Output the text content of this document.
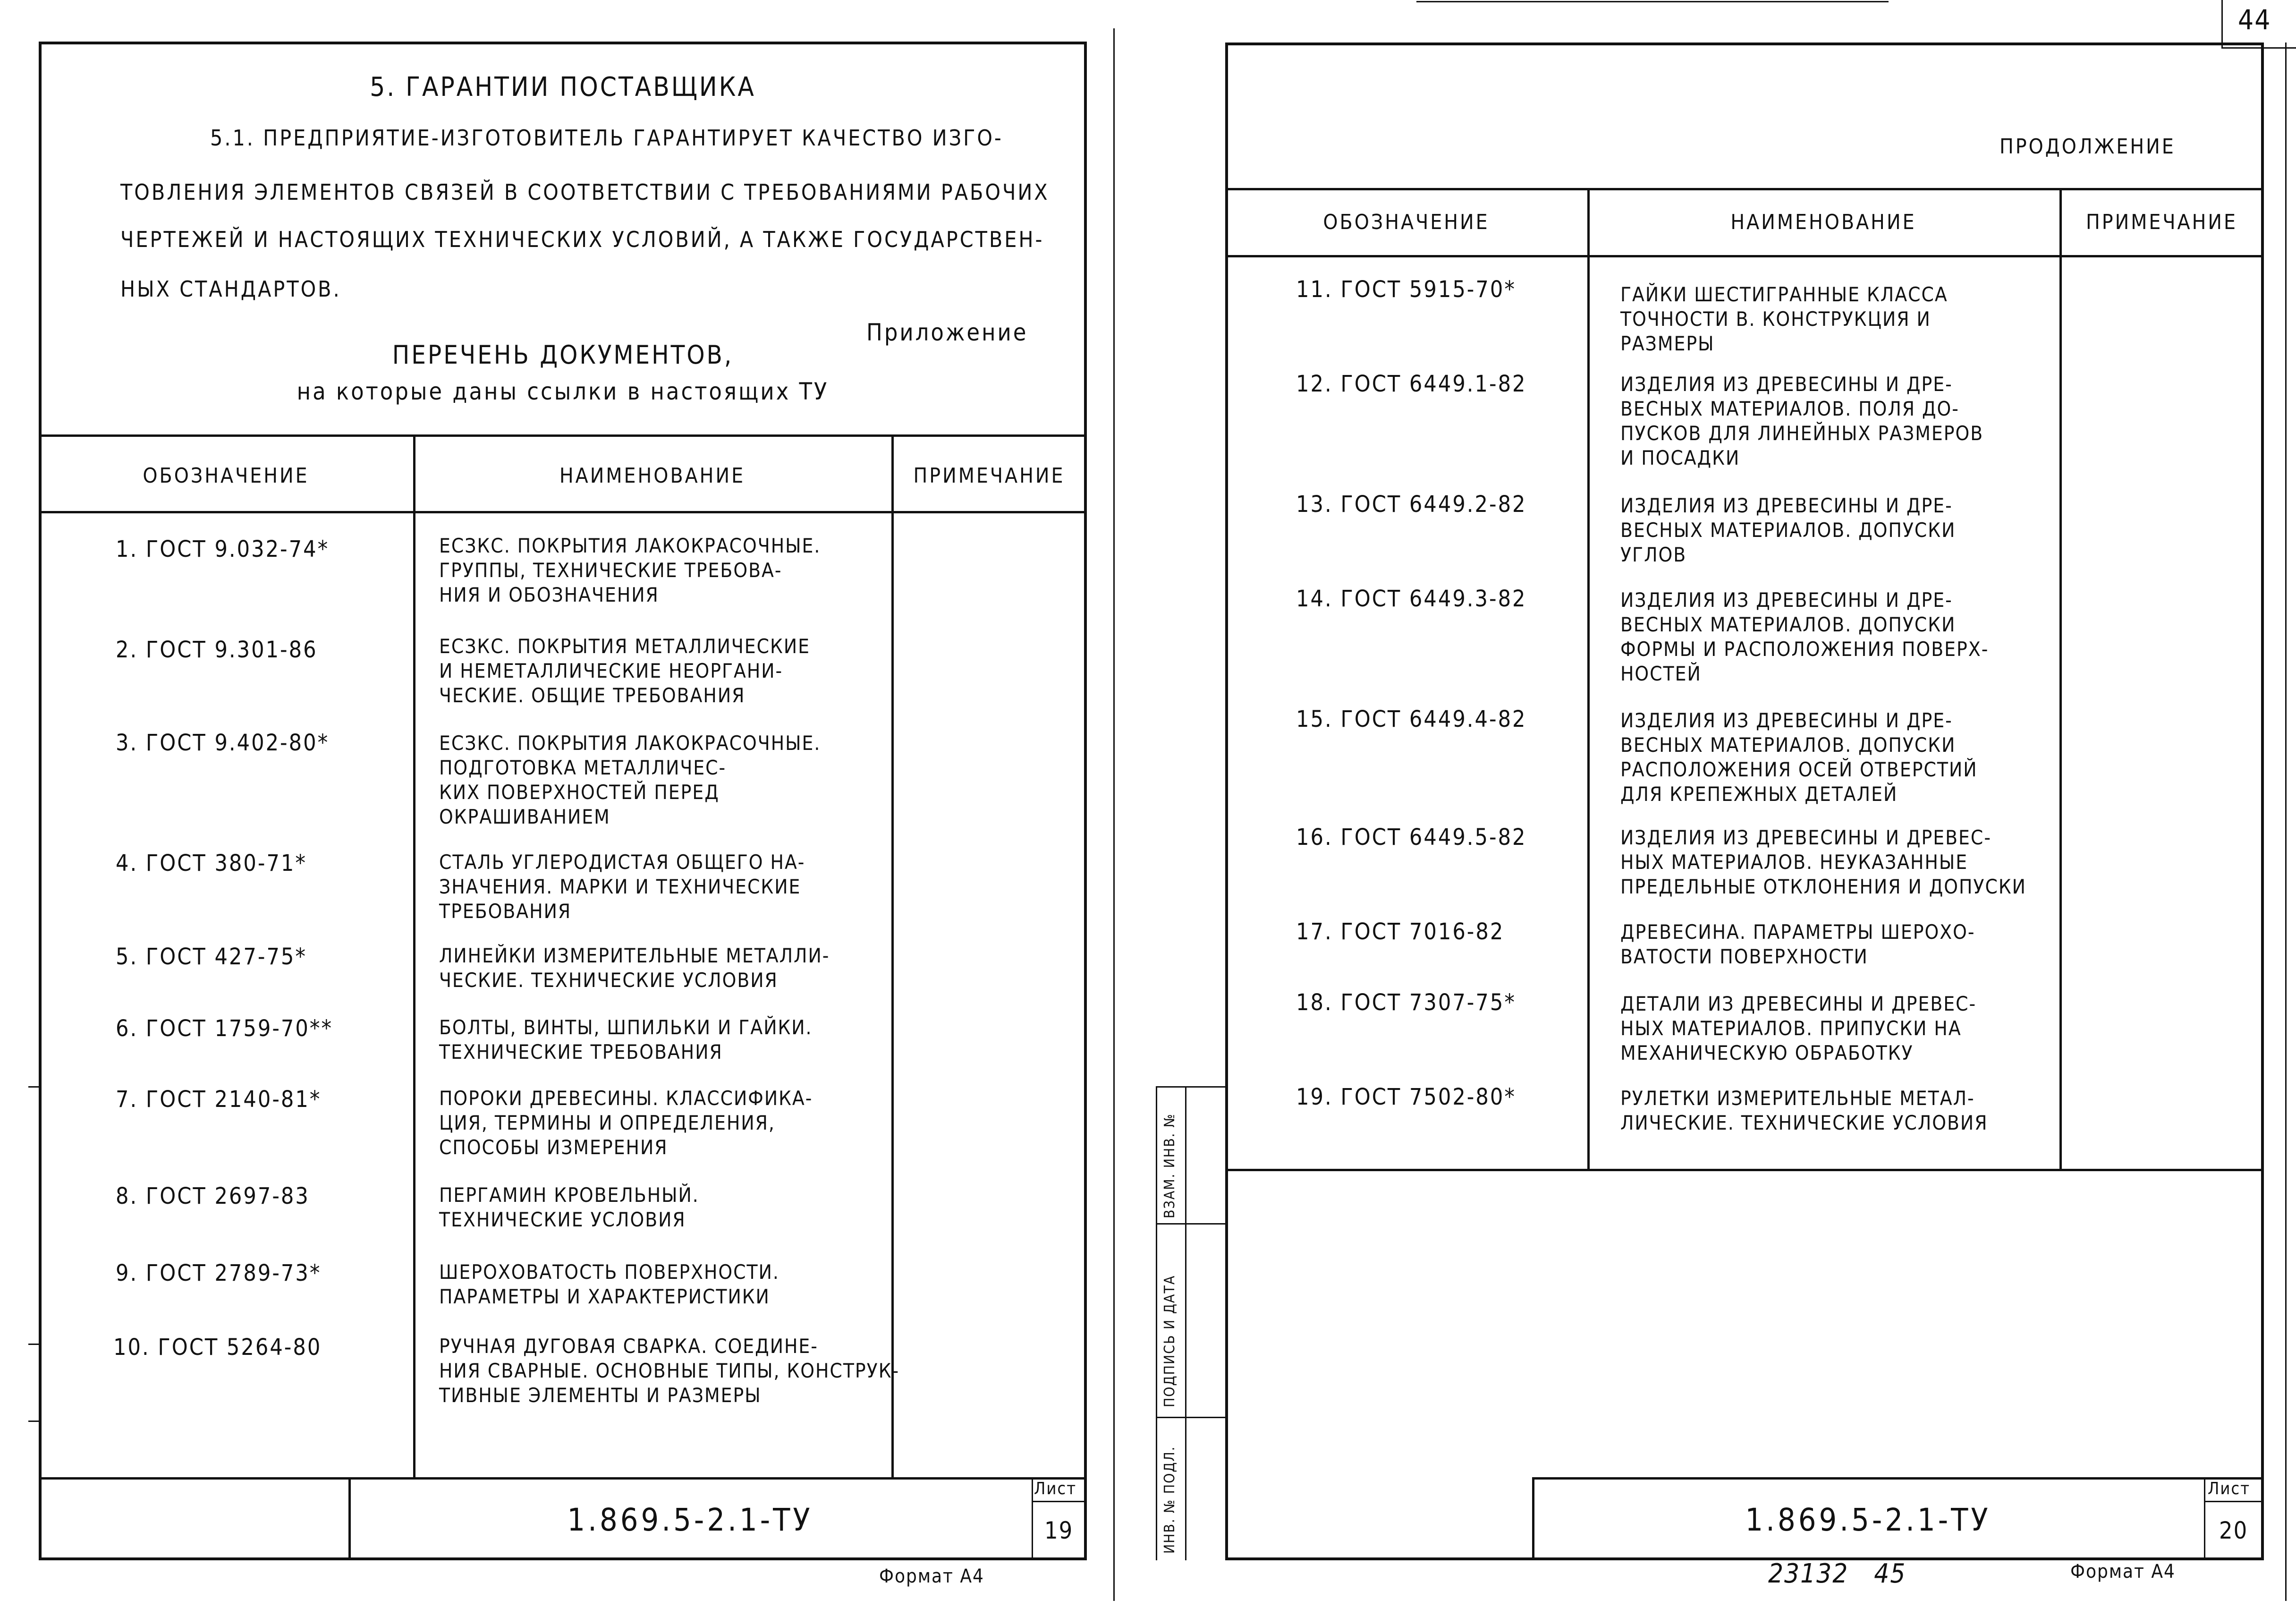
5. ГАРАНТИИ ПОСТАВЩИКА
5.1. ПРЕДПРИЯТИЕ-ИЗГОТОВИТЕЛЬ ГАРАНТИРУЕТ КАЧЕСТВО ИЗГО-
ТОВЛЕНИЯ ЭЛЕМЕНТОВ СВЯЗЕЙ В СООТВЕТСТВИИ С ТРЕБОВАНИЯМИ РАБОЧИХ
ЧЕРТЕЖЕЙ И НАСТОЯЩИХ ТЕХНИЧЕСКИХ УСЛОВИЙ, А ТАКЖЕ ГОСУДАРСТВЕН-
НЫХ СТАНДАРТОВ.
Приложение
ПЕРЕЧЕНЬ ДОКУМЕНТОВ,
на которые даны ссылки в настоящих ТУ
ОБОЗНАЧЕНИЕ	НАИМЕНОВАНИЕ	ПРИМЕЧАНИЕ
1. ГОСТ 9.032-74*	ЕСЗКС. ПОКРЫТИЯ ЛАКОКРАСОЧНЫЕ.
ГРУППЫ, ТЕХНИЧЕСКИЕ ТРЕБОВА-
НИЯ И ОБОЗНАЧЕНИЯ
2. ГОСТ 9.301-86	ЕСЗКС. ПОКРЫТИЯ МЕТАЛЛИЧЕСКИЕ
И НЕМЕТАЛЛИЧЕСКИЕ НЕОРГАНИ-
ЧЕСКИЕ. ОБЩИЕ ТРЕБОВАНИЯ
3. ГОСТ 9.402-80*	ЕСЗКС. ПОКРЫТИЯ ЛАКОКРАСОЧНЫЕ.
ПОДГОТОВКА МЕТАЛЛИЧЕС-
КИХ ПОВЕРХНОСТЕЙ ПЕРЕД
ОКРАШИВАНИЕМ
4. ГОСТ 380-71*	СТАЛЬ УГЛЕРОДИСТАЯ ОБЩЕГО НА-
ЗНАЧЕНИЯ. МАРКИ И ТЕХНИЧЕСКИЕ
ТРЕБОВАНИЯ
5. ГОСТ 427-75*	ЛИНЕЙКИ ИЗМЕРИТЕЛЬНЫЕ МЕТАЛЛИ-
ЧЕСКИЕ. ТЕХНИЧЕСКИЕ УСЛОВИЯ
6. ГОСТ 1759-70**	БОЛТЫ, ВИНТЫ, ШПИЛЬКИ И ГАЙКИ.
ТЕХНИЧЕСКИЕ ТРЕБОВАНИЯ
7. ГОСТ 2140-81*	ПОРОКИ ДРЕВЕСИНЫ. КЛАССИФИКА-
ЦИЯ, ТЕРМИНЫ И ОПРЕДЕЛЕНИЯ,
СПОСОБЫ ИЗМЕРЕНИЯ
8. ГОСТ 2697-83	ПЕРГАМИН КРОВЕЛЬНЫЙ.
ТЕХНИЧЕСКИЕ УСЛОВИЯ
9. ГОСТ 2789-73*	ШЕРОХОВАТОСТЬ ПОВЕРХНОСТИ.
ПАРАМЕТРЫ И ХАРАКТЕРИСТИКИ
10. ГОСТ 5264-80	РУЧНАЯ ДУГОВАЯ СВАРКА. СОЕДИНЕ-
НИЯ СВАРНЫЕ. ОСНОВНЫЕ ТИПЫ, КОНСТРУК-
ТИВНЫЕ ЭЛЕМЕНТЫ И РАЗМЕРЫ
1.869.5-2.1-ТУ
Лист
19
Формат А4
44
ПРОДОЛЖЕНИЕ
ОБОЗНАЧЕНИЕ	НАИМЕНОВАНИЕ	ПРИМЕЧАНИЕ
11. ГОСТ 5915-70*	ГАЙКИ ШЕСТИГРАННЫЕ КЛАССА
ТОЧНОСТИ В. КОНСТРУКЦИЯ И
РАЗМЕРЫ
12. ГОСТ 6449.1-82	ИЗДЕЛИЯ ИЗ ДРЕВЕСИНЫ И ДРЕ-
ВЕСНЫХ МАТЕРИАЛОВ. ПОЛЯ ДО-
ПУСКОВ ДЛЯ ЛИНЕЙНЫХ РАЗМЕРОВ
И ПОСАДКИ
13. ГОСТ 6449.2-82	ИЗДЕЛИЯ ИЗ ДРЕВЕСИНЫ И ДРЕ-
ВЕСНЫХ МАТЕРИАЛОВ. ДОПУСКИ
УГЛОВ
14. ГОСТ 6449.3-82	ИЗДЕЛИЯ ИЗ ДРЕВЕСИНЫ И ДРЕ-
ВЕСНЫХ МАТЕРИАЛОВ. ДОПУСКИ
ФОРМЫ И РАСПОЛОЖЕНИЯ ПОВЕРХ-
НОСТЕЙ
15. ГОСТ 6449.4-82	ИЗДЕЛИЯ ИЗ ДРЕВЕСИНЫ И ДРЕ-
ВЕСНЫХ МАТЕРИАЛОВ. ДОПУСКИ
РАСПОЛОЖЕНИЯ ОСЕЙ ОТВЕРСТИЙ
ДЛЯ КРЕПЕЖНЫХ ДЕТАЛЕЙ
16. ГОСТ 6449.5-82	ИЗДЕЛИЯ ИЗ ДРЕВЕСИНЫ И ДРЕВЕС-
НЫХ МАТЕРИАЛОВ. НЕУКАЗАННЫЕ
ПРЕДЕЛЬНЫЕ ОТКЛОНЕНИЯ И ДОПУСКИ
17. ГОСТ 7016-82	ДРЕВЕСИНА. ПАРАМЕТРЫ ШЕРОХО-
ВАТОСТИ ПОВЕРХНОСТИ
18. ГОСТ 7307-75*	ДЕТАЛИ ИЗ ДРЕВЕСИНЫ И ДРЕВЕС-
НЫХ МАТЕРИАЛОВ. ПРИПУСКИ НА
МЕХАНИЧЕСКУЮ ОБРАБОТКУ
19. ГОСТ 7502-80*	РУЛЕТКИ ИЗМЕРИТЕЛЬНЫЕ МЕТАЛ-
ЛИЧЕСКИЕ. ТЕХНИЧЕСКИЕ УСЛОВИЯ
ИНВ. № ПОДЛ.
ПОДПИСЬ И ДАТА
ВЗАМ. ИНВ. №
1.869.5-2.1-ТУ
Лист
20
23132   45	Формат А4
